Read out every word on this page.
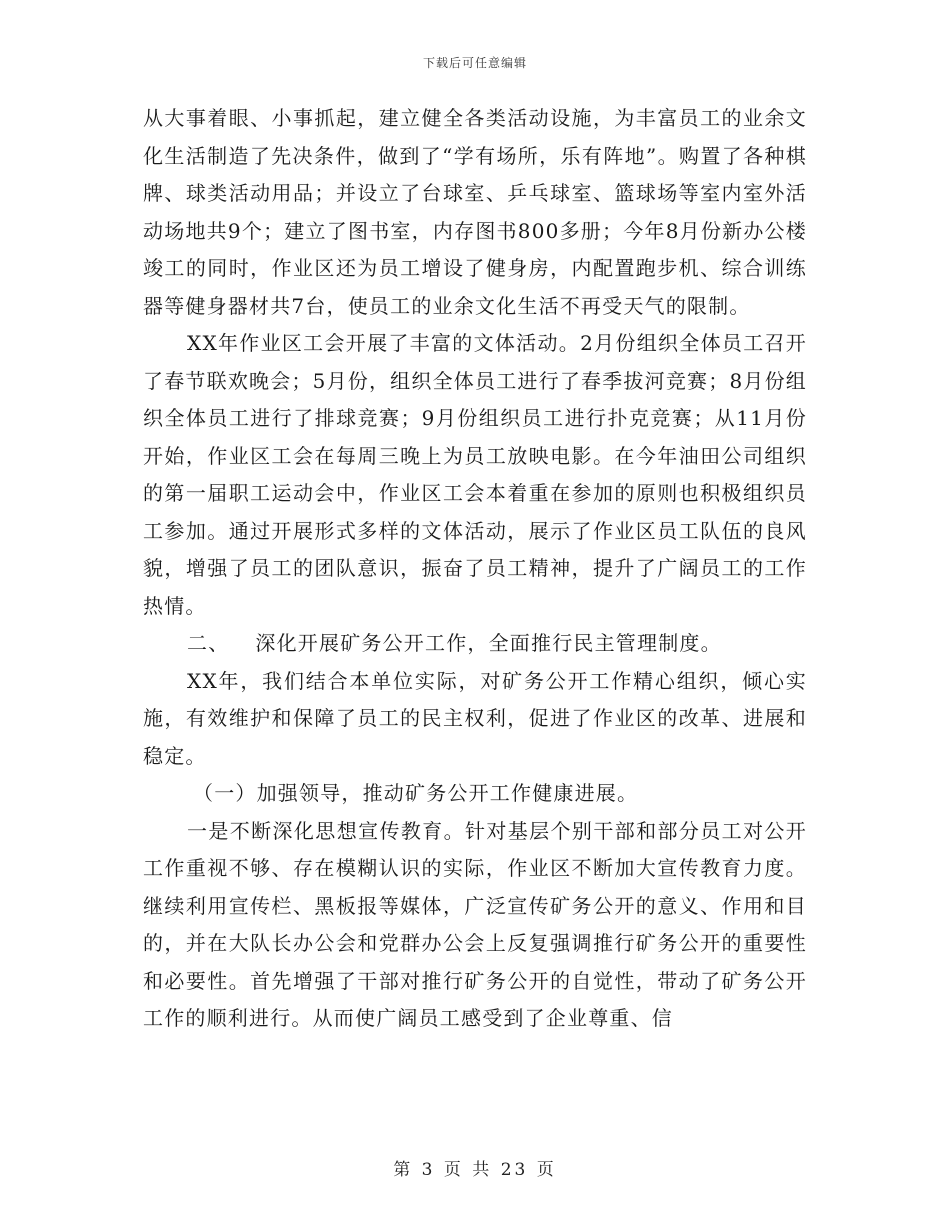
下载后可任意编辑

从大事着眼、小事抓起，建立健全各类活动设施，为丰富员工的业余文化生活制造了先决条件，做到了“学有场所，乐有阵地”。购置了各种棋牌、球类活动用品；并设立了台球室、乒乓球室、篮球场等室内室外活动场地共9个；建立了图书室，内存图书800多册；今年8月份新办公楼竣工的同时，作业区还为员工增设了健身房，内配置跑步机、综合训练器等健身器材共7台，使员工的业余文化生活不再受天气的限制。

XX年作业区工会开展了丰富的文体活动。2月份组织全体员工召开了春节联欢晚会；5月份，组织全体员工进行了春季拔河竞赛；8月份组织全体员工进行了排球竞赛；9月份组织员工进行扑克竞赛；从11月份开始，作业区工会在每周三晚上为员工放映电影。在今年油田公司组织的第一届职工运动会中，作业区工会本着重在参加的原则也积极组织员工参加。通过开展形式多样的文体活动，展示了作业区员工队伍的良风貌，增强了员工的团队意识，振奋了员工精神，提升了广阔员工的工作热情。

二、 深化开展矿务公开工作，全面推行民主管理制度。

XX年，我们结合本单位实际，对矿务公开工作精心组织，倾心实施，有效维护和保障了员工的民主权利，促进了作业区的改革、进展和稳定。

（一）加强领导，推动矿务公开工作健康进展。

一是不断深化思想宣传教育。针对基层个别干部和部分员工对公开工作重视不够、存在模糊认识的实际，作业区不断加大宣传教育力度。继续利用宣传栏、黑板报等媒体，广泛宣传矿务公开的意义、作用和目的，并在大队长办公会和党群办公会上反复强调推行矿务公开的重要性和必要性。首先增强了干部对推行矿务公开的自觉性，带动了矿务公开工作的顺利进行。从而使广阔员工感受到了企业尊重、信

第 3 页 共 23 页
